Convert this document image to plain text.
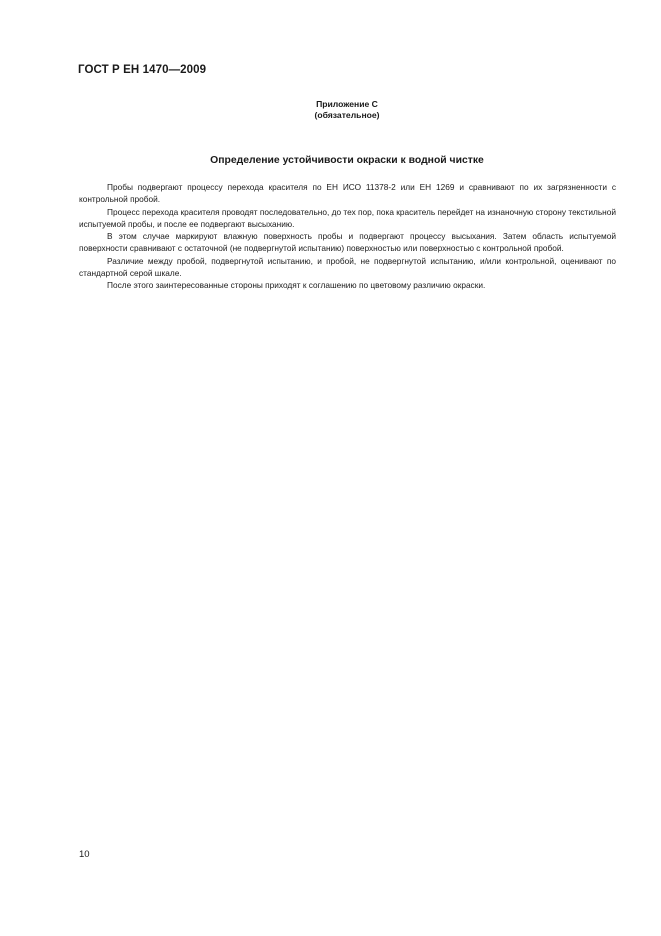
ГОСТ Р ЕН 1470—2009
Приложение С
(обязательное)
Определение устойчивости окраски к водной чистке

Пробы подвергают процессу перехода красителя по ЕН ИСО 11378-2 или ЕН 1269 и сравнивают по их загрязненности с контрольной пробой.

Процесс перехода красителя проводят последовательно, до тех пор, пока краситель перейдет на изнаночную сторону текстильной испытуемой пробы, и после ее подвергают высыханию.

В этом случае маркируют влажную поверхность пробы и подвергают процессу высыхания. Затем область испытуемой поверхности сравнивают с остаточной (не подвергнутой испытанию) поверхностью или поверхностью с контрольной пробой.

Различие между пробой, подвергнутой испытанию, и пробой, не подвергнутой испытанию, и/или контрольной, оценивают по стандартной серой шкале.

После этого заинтересованные стороны приходят к соглашению по цветовому различию окраски.

10
